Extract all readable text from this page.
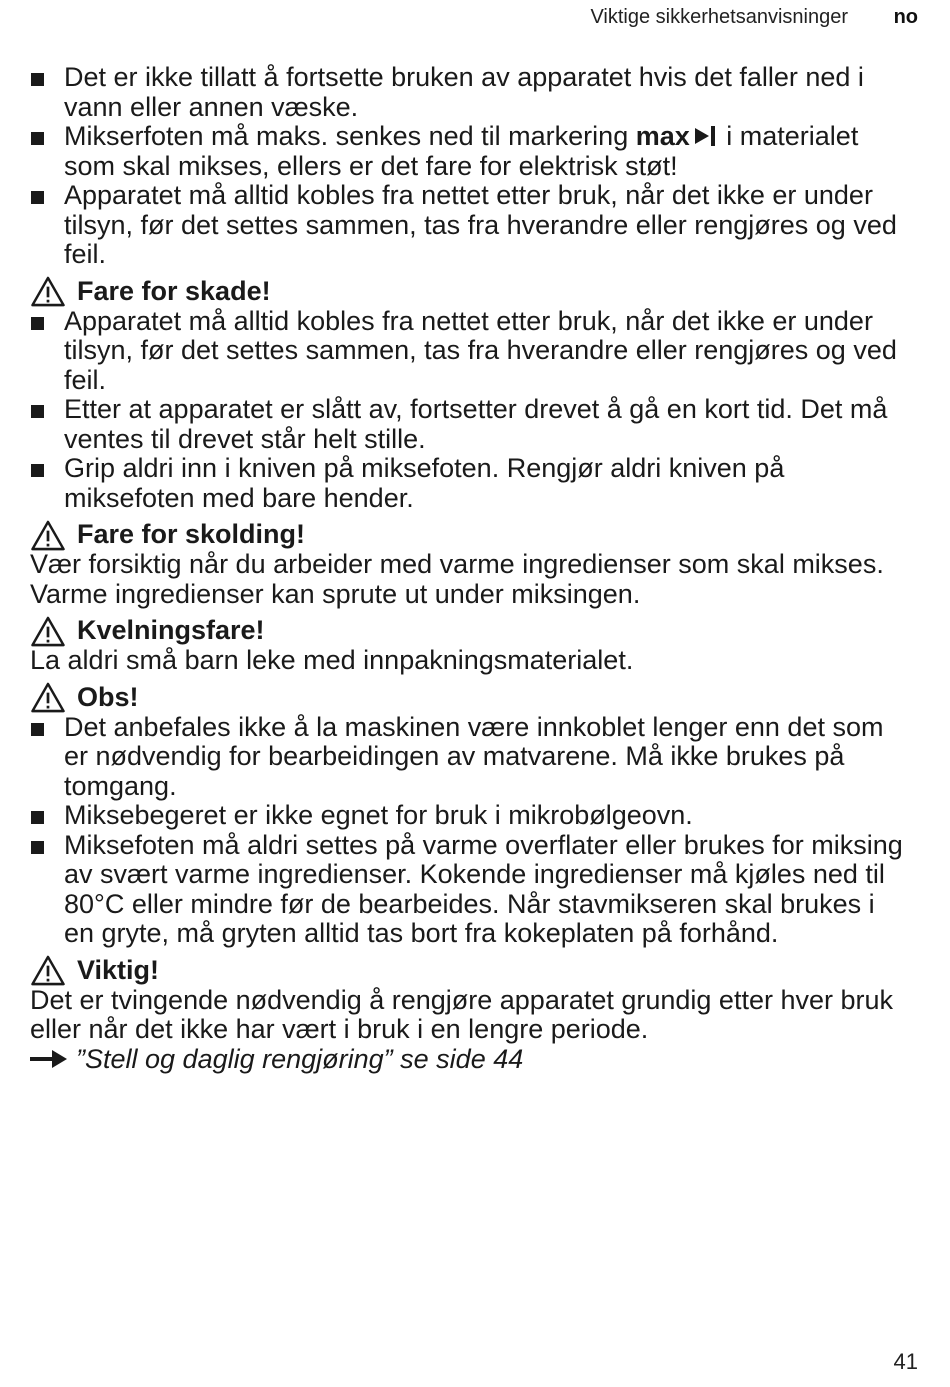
Viktige sikkerhetsanvisninger no
Det er ikke tillatt å fortsette bruken av apparatet hvis det faller ned i vann eller annen væske.
Mikserfoten må maks. senkes ned til markering max i materialet som skal mikses, ellers er det fare for elektrisk støt!
Apparatet må alltid kobles fra nettet etter bruk, når det ikke er under tilsyn, før det settes sammen, tas fra hverandre eller rengjøres og ved feil.
Fare for skade!
Apparatet må alltid kobles fra nettet etter bruk, når det ikke er under tilsyn, før det settes sammen, tas fra hverandre eller rengjøres og ved feil.
Etter at apparatet er slått av, fortsetter drevet å gå en kort tid. Det må ventes til drevet står helt stille.
Grip aldri inn i kniven på miksefoten. Rengjør aldri kniven på miksefoten med bare hender.
Fare for skolding!
Vær forsiktig når du arbeider med varme ingredienser som skal mikses. Varme ingredienser kan sprute ut under miksingen.
Kvelningsfare!
La aldri små barn leke med innpakningsmaterialet.
Obs!
Det anbefales ikke å la maskinen være innkoblet lenger enn det som er nødvendig for bearbeidingen av matvarene. Må ikke brukes på tomgang.
Miksebegeret er ikke egnet for bruk i mikrobølgeovn.
Miksefoten må aldri settes på varme overflater eller brukes for miksing av svært varme ingredienser. Kokende ingredienser må kjøles ned til 80°C eller mindre før de bearbeides. Når stavmikseren skal brukes i en gryte, må gryten alltid tas bort fra kokeplaten på forhånd.
Viktig!
Det er tvingende nødvendig å rengjøre apparatet grundig etter hver bruk eller når det ikke har vært i bruk i en lengre periode.
”Stell og daglig rengjøring” se side 44
41
